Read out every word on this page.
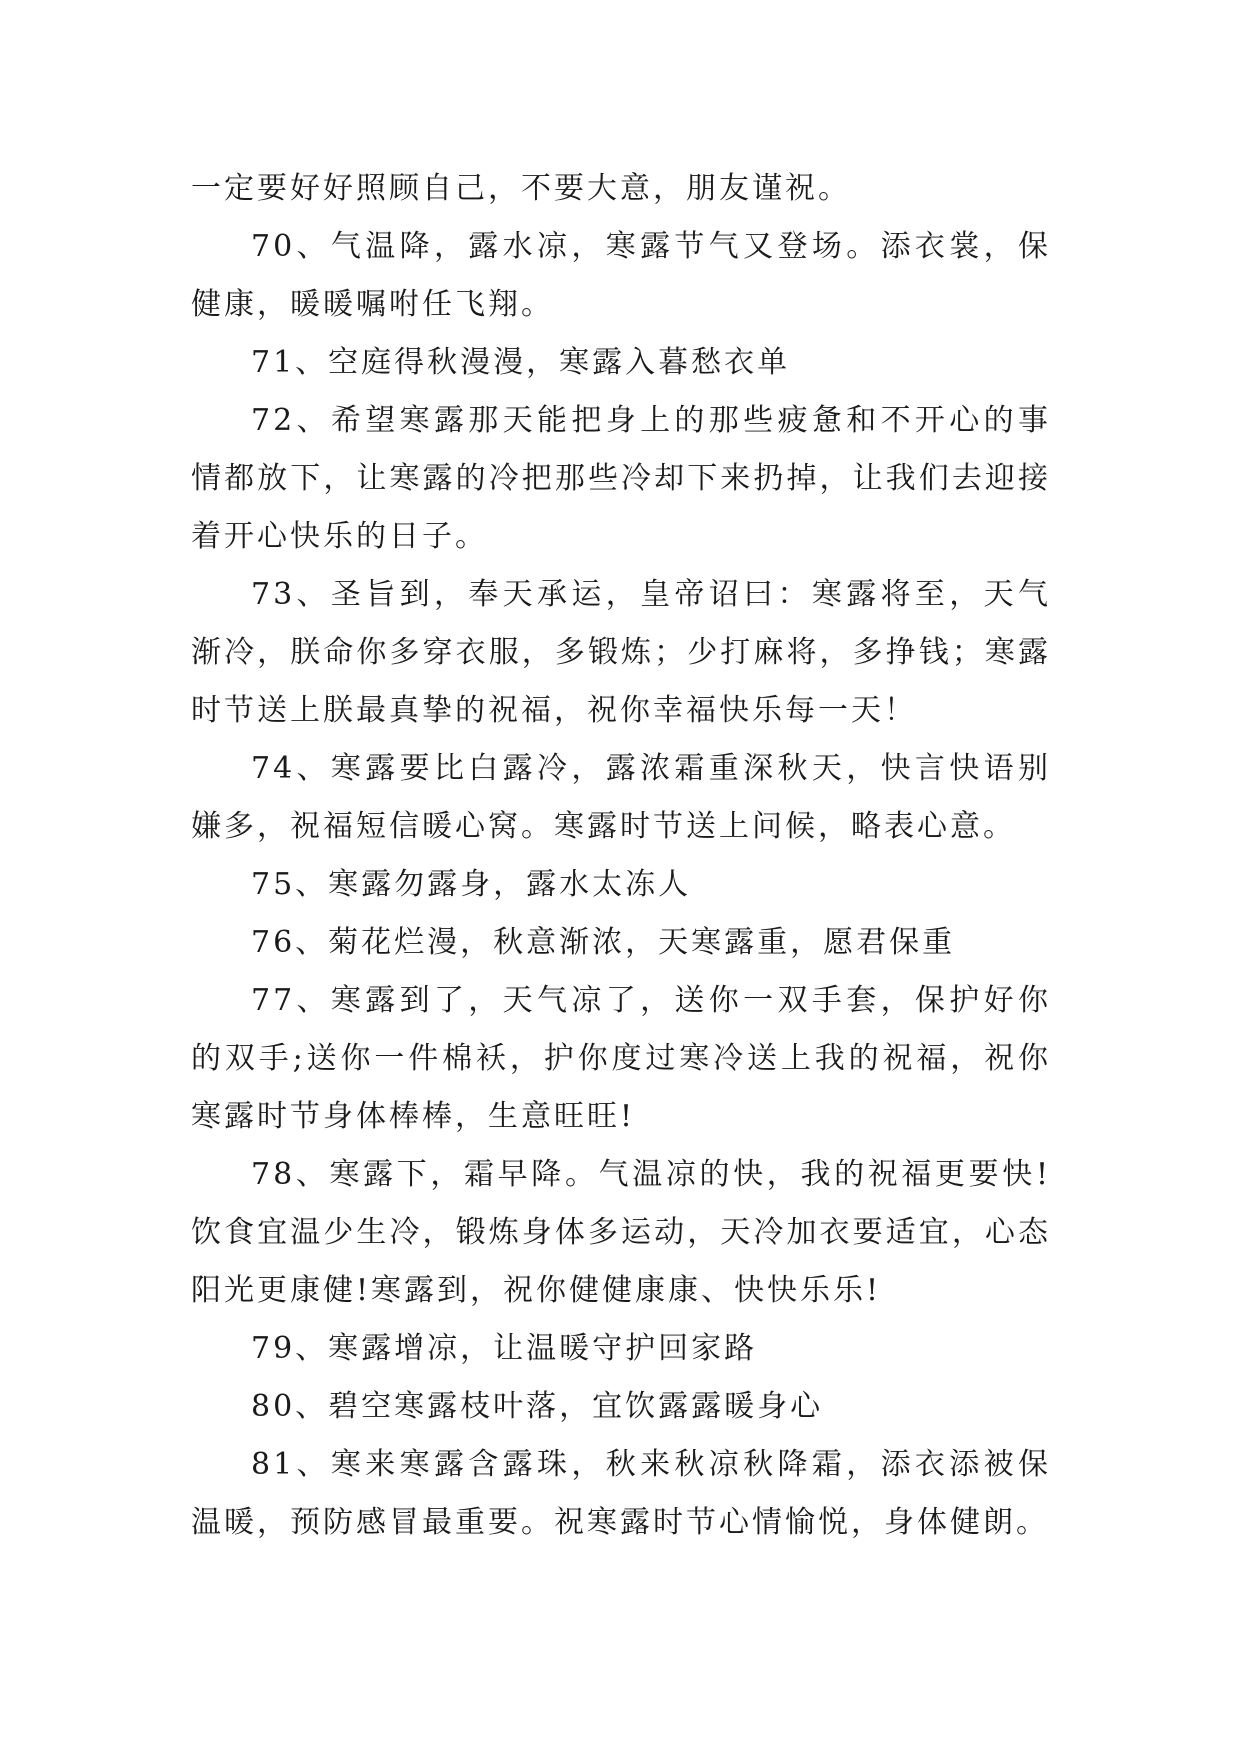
一定要好好照顾自己，不要大意，朋友谨祝。

70、气温降，露水凉，寒露节气又登场。添衣裳，保健康，暖暖嘱咐任飞翔。

71、空庭得秋漫漫，寒露入暮愁衣单

72、希望寒露那天能把身上的那些疲惫和不开心的事情都放下，让寒露的冷把那些冷却下来扔掉，让我们去迎接着开心快乐的日子。

73、圣旨到，奉天承运，皇帝诏曰：寒露将至，天气渐冷，朕命你多穿衣服，多锻炼；少打麻将，多挣钱；寒露时节送上朕最真挚的祝福，祝你幸福快乐每一天！

74、寒露要比白露冷，露浓霜重深秋天，快言快语别嫌多，祝福短信暖心窝。寒露时节送上问候，略表心意。

75、寒露勿露身，露水太冻人

76、菊花烂漫，秋意渐浓，天寒露重，愿君保重

77、寒露到了，天气凉了，送你一双手套，保护好你的双手;送你一件棉袄，护你度过寒冷送上我的祝福，祝你寒露时节身体棒棒，生意旺旺!

78、寒露下，霜早降。气温凉的快，我的祝福更要快!饮食宜温少生冷，锻炼身体多运动，天冷加衣要适宜，心态阳光更康健!寒露到，祝你健健康康、快快乐乐!

79、寒露增凉，让温暖守护回家路

80、碧空寒露枝叶落，宜饮露露暖身心

81、寒来寒露含露珠，秋来秋凉秋降霜，添衣添被保温暖，预防感冒最重要。祝寒露时节心情愉悦，身体健朗。
